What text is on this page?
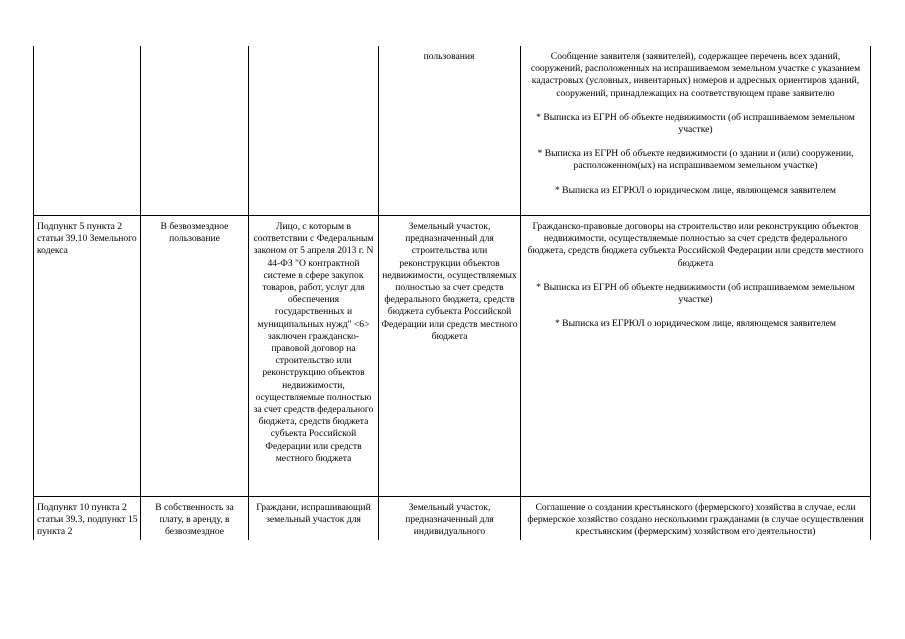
пользования	Сообщение заявителя (заявителей), содержащее перечень всех зданий, сооружений, расположенных на испрашиваемом земельном участке с указанием кадастровых (условных, инвентарных) номеров и адресных ориентиров зданий, сооружений, принадлежащих на соответствующем праве заявителю

* Выписка из ЕГРН об объекте недвижимости (об испрашиваемом земельном участке)

* Выписка из ЕГРН об объекте недвижимости (о здании и (или) сооружении, расположенном(ых) на испрашиваемом земельном участке)

* Выписка из ЕГРЮЛ о юридическом лице, являющемся заявителем

Подпункт 5 пункта 2 статьи 39.10 Земельного кодекса

В безвозмездное пользование

Лицо, с которым в соответствии с Федеральным законом от 5 апреля 2013 г. N 44-ФЗ "О контрактной системе в сфере закупок товаров, работ, услуг для обеспечения государственных и муниципальных нужд" <6> заключен гражданско-правовой договор на строительство или реконструкцию объектов недвижимости, осуществляемые полностью за счет средств федерального бюджета, средств бюджета субъекта Российской Федерации или средств местного бюджета

Земельный участок, предназначенный для строительства или реконструкции объектов недвижимости, осуществляемых полностью за счет средств федерального бюджета, средств бюджета субъекта Российской Федерации или средств местного бюджета

Гражданско-правовые договоры на строительство или реконструкцию объектов недвижимости, осуществляемые полностью за счет средств федерального бюджета, средств бюджета субъекта Российской Федерации или средств местного бюджета

* Выписка из ЕГРН об объекте недвижимости (об испрашиваемом земельном участке)

* Выписка из ЕГРЮЛ о юридическом лице, являющемся заявителем

Подпункт 10 пункта 2 статьи 39.3, подпункт 15 пункта 2

В собственность за плату, в аренду, в безвозмездное

Граждани, испрашивающий земельный участок для

Земельный участок, предназначенный для индивидуального

Соглашение о создании крестьянского (фермерского) хозяйства в случае, если фермерское хозяйство создано несколькими гражданами (в случае осуществления крестьянским (фермерским) хозяйством его деятельности)
